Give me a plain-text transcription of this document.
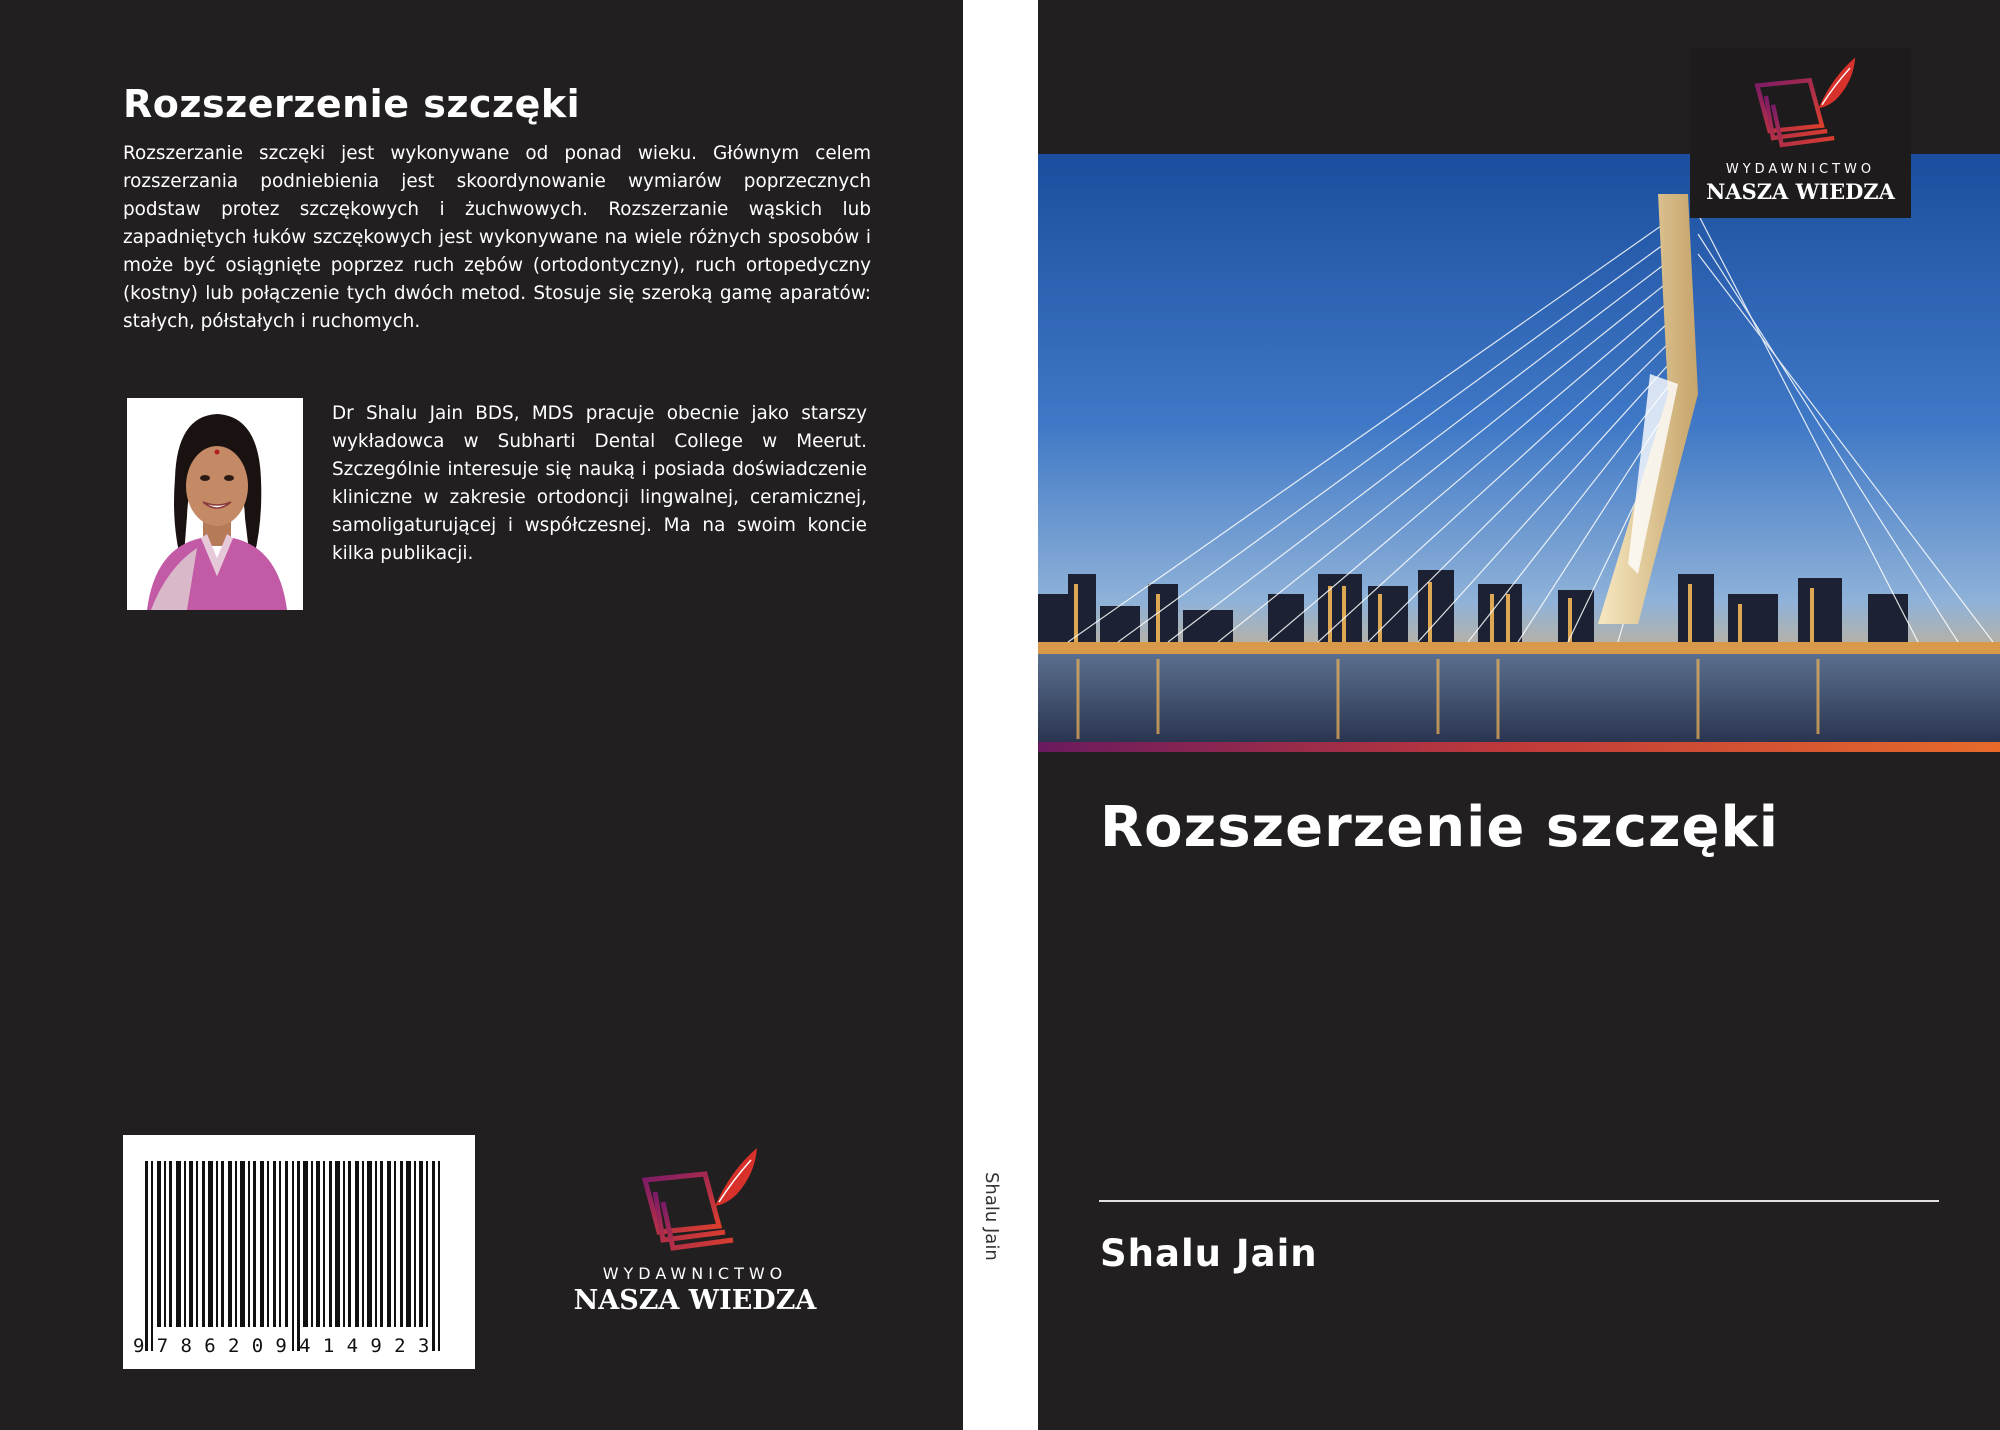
Rozszerzenie szczęki
Rozszerzanie szczęki jest wykonywane od ponad wieku. Głównym celem rozszerzania podniebienia jest skoordynowanie wymiarów poprzecznych podstaw protez szczękowych i żuchwowych. Rozszerzanie wąskich lub zapadniętych łuków szczękowych jest wykonywane na wiele różnych sposobów i może być osiągnięte poprzez ruch zębów (ortodontyczny), ruch ortopedyczny (kostny) lub połączenie tych dwóch metod. Stosuje się szeroką gamę aparatów: stałych, półstałych i ruchomych.
Dr Shalu Jain BDS, MDS pracuje obecnie jako starszy wykładowca w Subharti Dental College w Meerut. Szczególnie interesuje się nauką i posiada doświadczenie kliniczne w zakresie ortodoncji lingwalnej, ceramicznej, samoligaturującej i współczesnej. Ma na swoim koncie kilka publikacji.
9786209414923
WYDAWNICTWO
NASZA WIEDZA
Shalu Jain
WYDAWNICTWO
NASZA WIEDZA
Rozszerzenie szczęki
Shalu Jain
